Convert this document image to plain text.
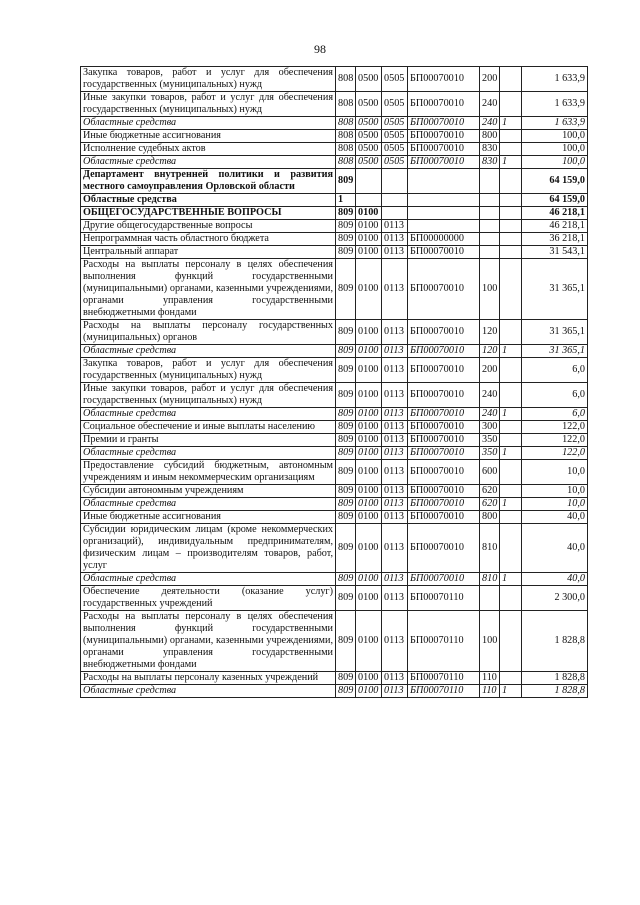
98
Закупка товаров, работ и услуг для обеспечения государственных (муниципальных) нужд	808	0500	0505	БП00070010	200		1 633,9
Иные закупки товаров, работ и услуг для обеспечения государственных (муниципальных) нужд	808	0500	0505	БП00070010	240		1 633,9
Областные средства	808	0500	0505	БП00070010	240	1	1 633,9
Иные бюджетные ассигнования	808	0500	0505	БП00070010	800		100,0
Исполнение судебных актов	808	0500	0505	БП00070010	830		100,0
Областные средства	808	0500	0505	БП00070010	830	1	100,0
Департамент внутренней политики и развития местного самоуправления Орловской области	809						64 159,0
Областные средства	1						64 159,0
ОБЩЕГОСУДАРСТВЕННЫЕ ВОПРОСЫ	809	0100					46 218,1
Другие общегосударственные вопросы	809	0100	0113				46 218,1
Непрограммная часть областного бюджета	809	0100	0113	БП00000000			36 218,1
Центральный аппарат	809	0100	0113	БП00070010			31 543,1
Расходы на выплаты персоналу в целях обеспечения выполнения функций государственными (муниципальными) органами, казенными учреждениями, органами управления государственными внебюджетными фондами	809	0100	0113	БП00070010	100		31 365,1
Расходы на выплаты персоналу государственных (муниципальных) органов	809	0100	0113	БП00070010	120		31 365,1
Областные средства	809	0100	0113	БП00070010	120	1	31 365,1
Закупка товаров, работ и услуг для обеспечения государственных (муниципальных) нужд	809	0100	0113	БП00070010	200		6,0
Иные закупки товаров, работ и услуг для обеспечения государственных (муниципальных) нужд	809	0100	0113	БП00070010	240		6,0
Областные средства	809	0100	0113	БП00070010	240	1	6,0
Социальное обеспечение и иные выплаты населению	809	0100	0113	БП00070010	300		122,0
Премии и гранты	809	0100	0113	БП00070010	350		122,0
Областные средства	809	0100	0113	БП00070010	350	1	122,0
Предоставление субсидий бюджетным, автономным учреждениям и иным некоммерческим организациям	809	0100	0113	БП00070010	600		10,0
Субсидии автономным учреждениям	809	0100	0113	БП00070010	620		10,0
Областные средства	809	0100	0113	БП00070010	620	1	10,0
Иные бюджетные ассигнования	809	0100	0113	БП00070010	800		40,0
Субсидии юридическим лицам (кроме некоммерческих организаций), индивидуальным предпринимателям, физическим лицам – производителям товаров, работ, услуг	809	0100	0113	БП00070010	810		40,0
Областные средства	809	0100	0113	БП00070010	810	1	40,0
Обеспечение деятельности (оказание услуг) государственных учреждений	809	0100	0113	БП00070110			2 300,0
Расходы на выплаты персоналу в целях обеспечения выполнения функций государственными (муниципальными) органами, казенными учреждениями, органами управления государственными внебюджетными фондами	809	0100	0113	БП00070110	100		1 828,8
Расходы на выплаты персоналу казенных учреждений	809	0100	0113	БП00070110	110		1 828,8
Областные средства	809	0100	0113	БП00070110	110	1	1 828,8
